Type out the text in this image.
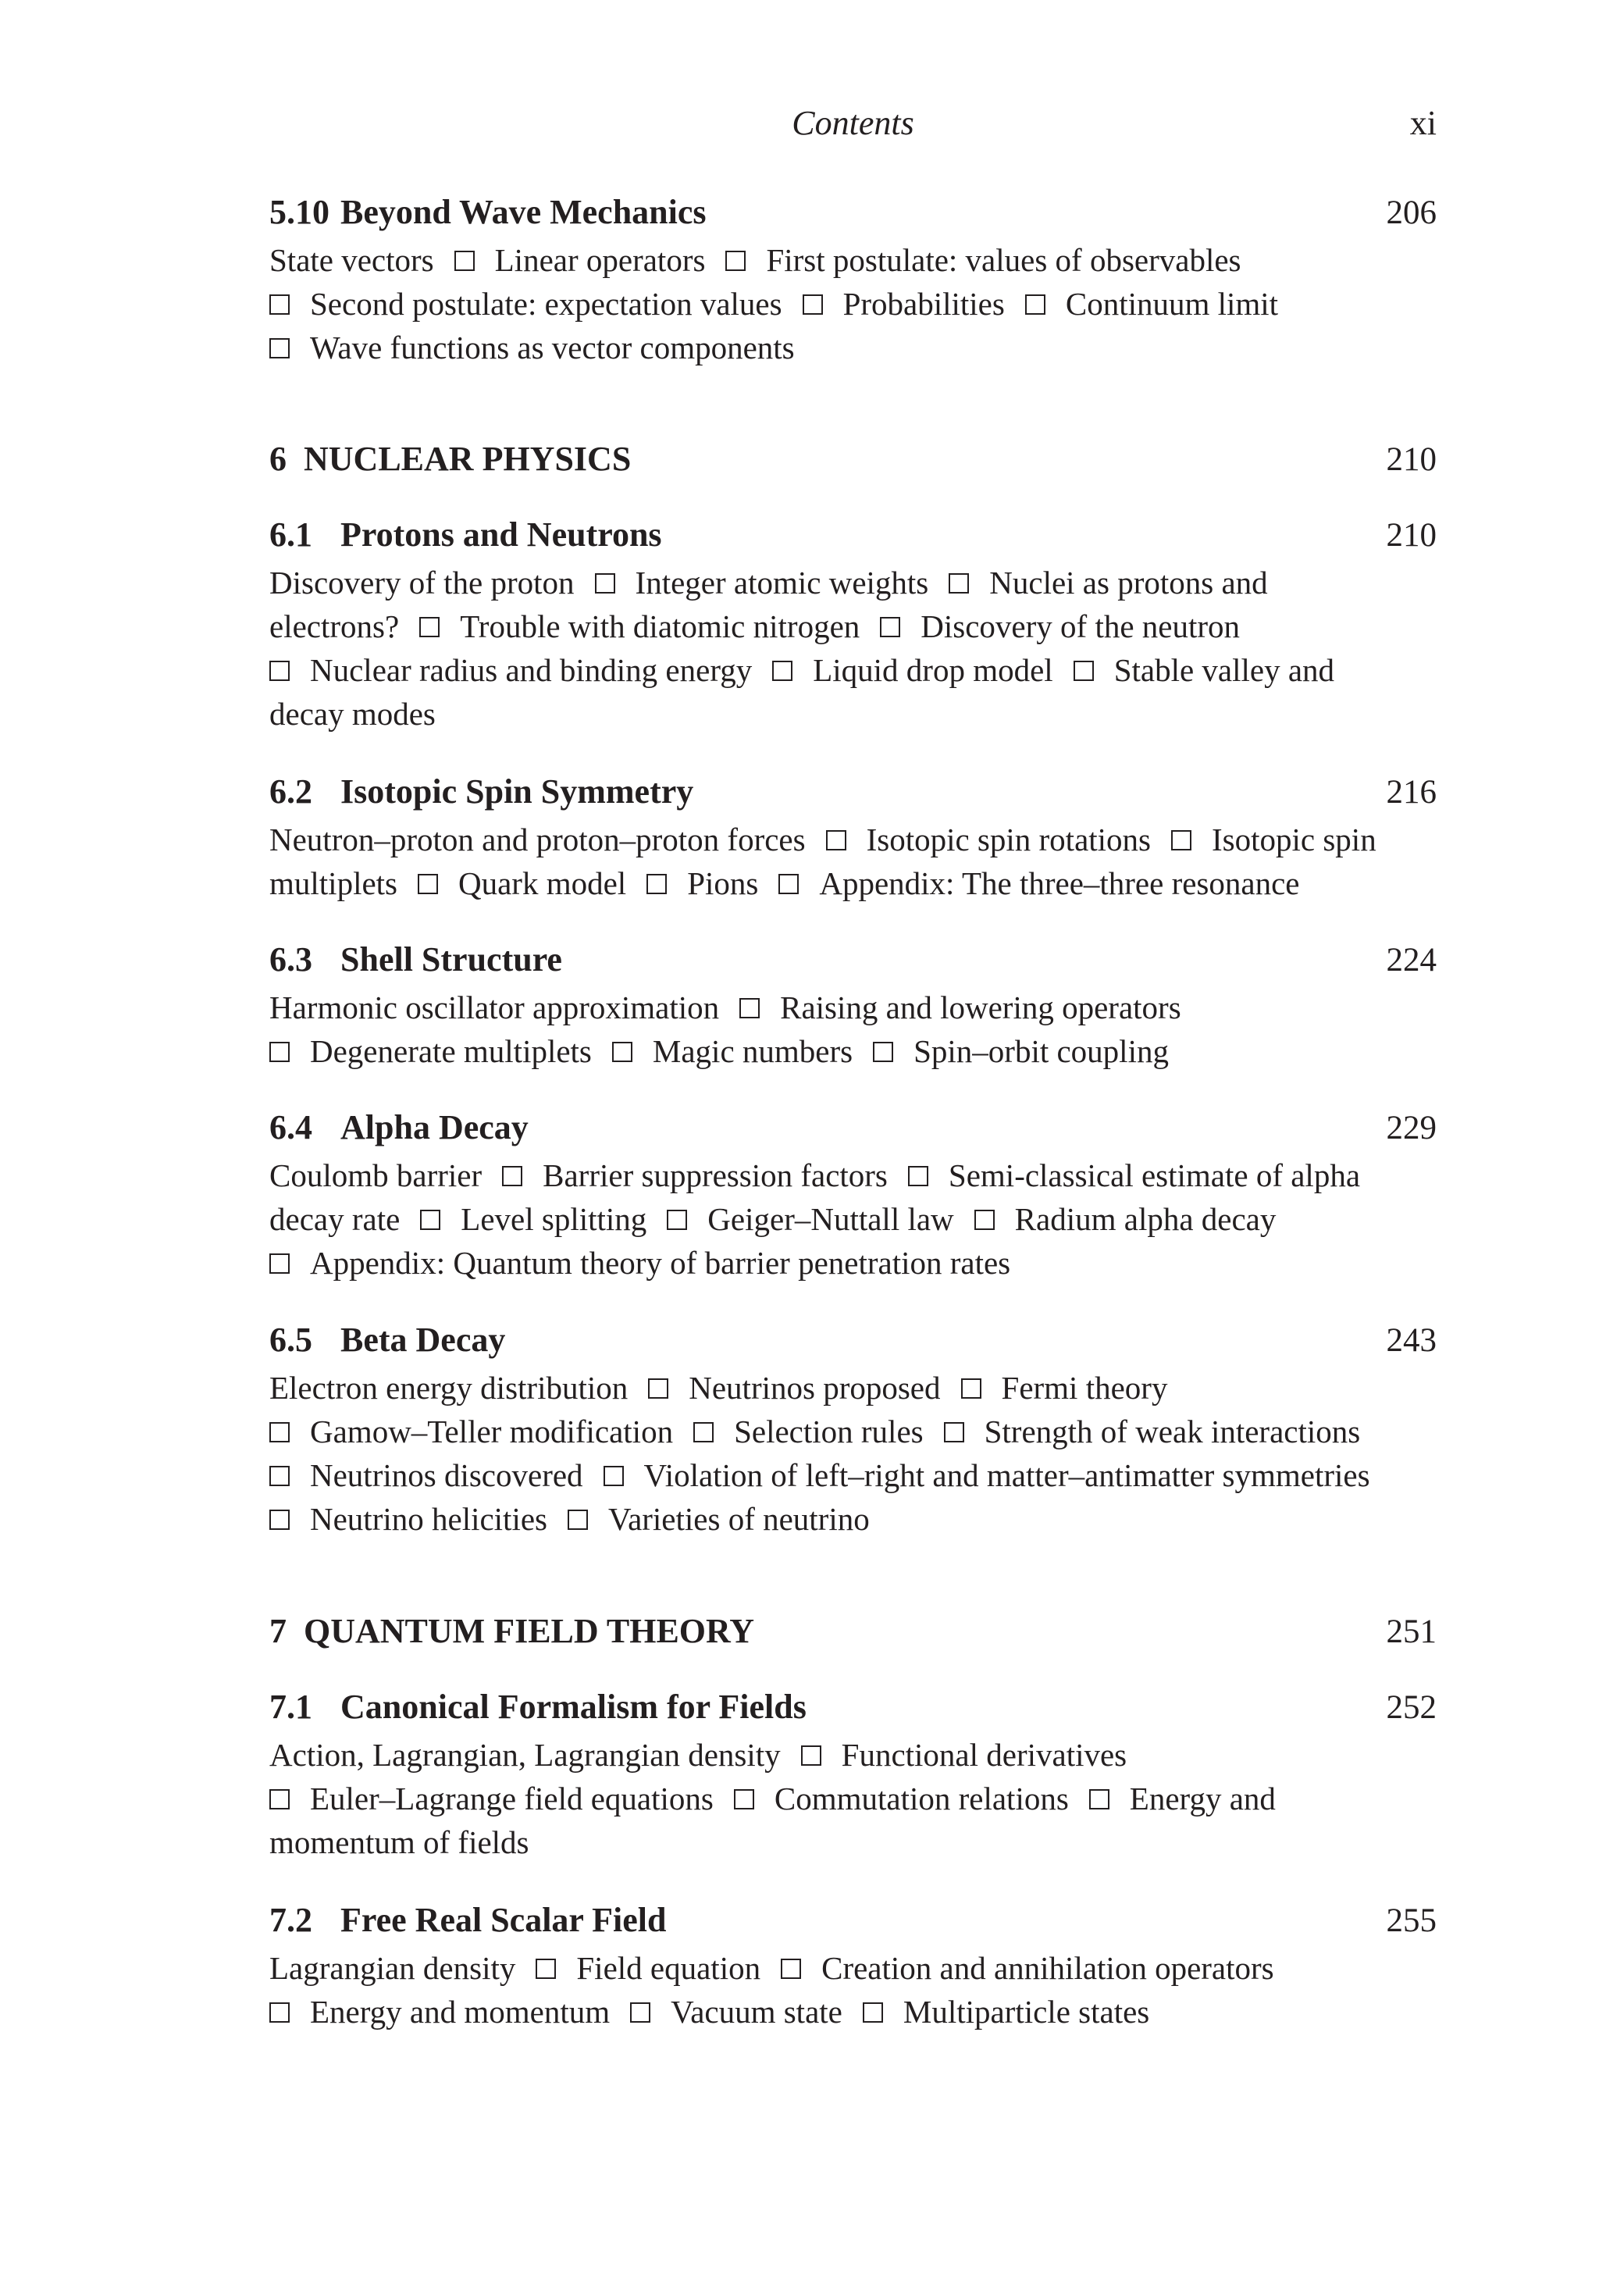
Contents	xi
5.10 Beyond Wave Mechanics	206
State vectors Linear operators First postulate: values of observables
Second postulate: expectation values Probabilities Continuum limit
Wave functions as vector components
6 NUCLEAR PHYSICS	210
6.1 Protons and Neutrons	210
Discovery of the proton Integer atomic weights Nuclei as protons and
electrons? Trouble with diatomic nitrogen Discovery of the neutron
Nuclear radius and binding energy Liquid drop model Stable valley and
decay modes
6.2 Isotopic Spin Symmetry	216
Neutron–proton and proton–proton forces Isotopic spin rotations Isotopic spin
multiplets Quark model Pions Appendix: The three–three resonance
6.3 Shell Structure	224
Harmonic oscillator approximation Raising and lowering operators
Degenerate multiplets Magic numbers Spin–orbit coupling
6.4 Alpha Decay	229
Coulomb barrier Barrier suppression factors Semi-classical estimate of alpha
decay rate Level splitting Geiger–Nuttall law Radium alpha decay
Appendix: Quantum theory of barrier penetration rates
6.5 Beta Decay	243
Electron energy distribution Neutrinos proposed Fermi theory
Gamow–Teller modification Selection rules Strength of weak interactions
Neutrinos discovered Violation of left–right and matter–antimatter symmetries
Neutrino helicities Varieties of neutrino
7 QUANTUM FIELD THEORY	251
7.1 Canonical Formalism for Fields	252
Action, Lagrangian, Lagrangian density Functional derivatives
Euler–Lagrange field equations Commutation relations Energy and
momentum of fields
7.2 Free Real Scalar Field	255
Lagrangian density Field equation Creation and annihilation operators
Energy and momentum Vacuum state Multiparticle states
